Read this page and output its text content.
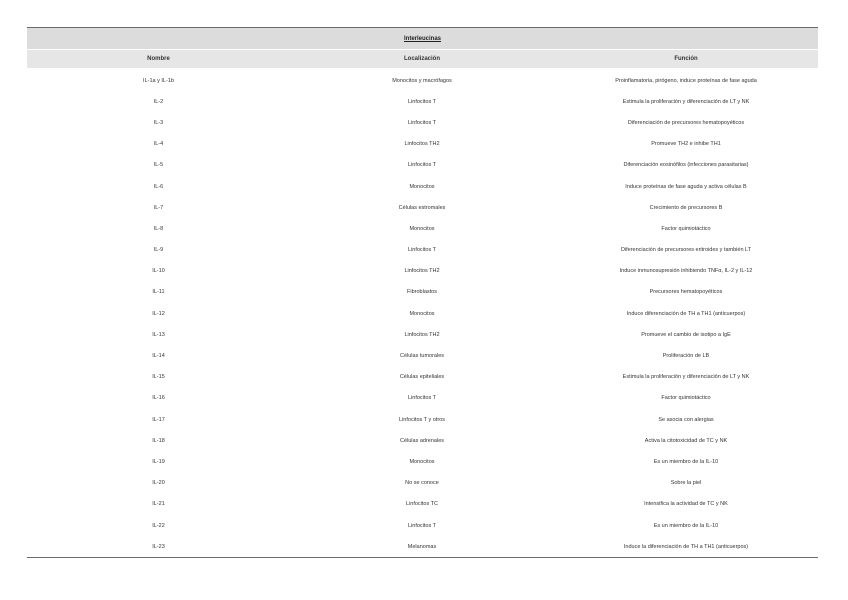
Interleucinas
Nombre	Localización	Función
IL-1a y IL-1b	Monocitos y macrófagos	Proinflamatoria, pirógeno, induce proteínas de fase aguda
IL-2	Linfocitos T	Estimula la proliferación y diferenciación de LT y NK
IL-3	Linfocitos T	Diferenciación de precursores hematopoyéticos
IL-4	Linfocitos TH2	Promueve TH2 e inhibe TH1
IL-5	Linfocitos T	Diferenciación eosinófilos (infecciones parasitarias)
IL-6	Monocitos	Induce proteínas de fase aguda y activa células B
IL-7	Células estromales	Crecimiento de precursores B
IL-8	Monocitos	Factor quimiotáctico
IL-9	Linfocitos T	Diferenciación de precursores eritroides y también LT
IL-10	Linfocitos TH2	Induce inmunosupresión inhibiendo TNFα, IL-2 y IL-12
IL-11	Fibroblastos	Precursores hematopoyéticos
IL-12	Monocitos	Induce diferenciación de TH a TH1 (anticuerpos)
IL-13	Linfocitos TH2	Promueve el cambio de isotipo a IgE
IL-14	Células tumorales	Proliferación de LB
IL-15	Células epiteliales	Estimula la proliferación y diferenciación de LT y NK
IL-16	Linfocitos T	Factor quimiotáctico
IL-17	Linfocitos T y otros	Se asocia con alergias
IL-18	Células adrenales	Activa la citotoxicidad de TC y NK
IL-19	Monocitos	Es un miembro de la IL-10
IL-20	No se conoce	Sobre la piel
IL-21	Linfocitos TC	Intensifica la actividad de TC y NK
IL-22	Linfocitos T	Es un miembro de la IL-10
IL-23	Melanomas	Induce la diferenciación de TH a TH1 (anticuerpos)
